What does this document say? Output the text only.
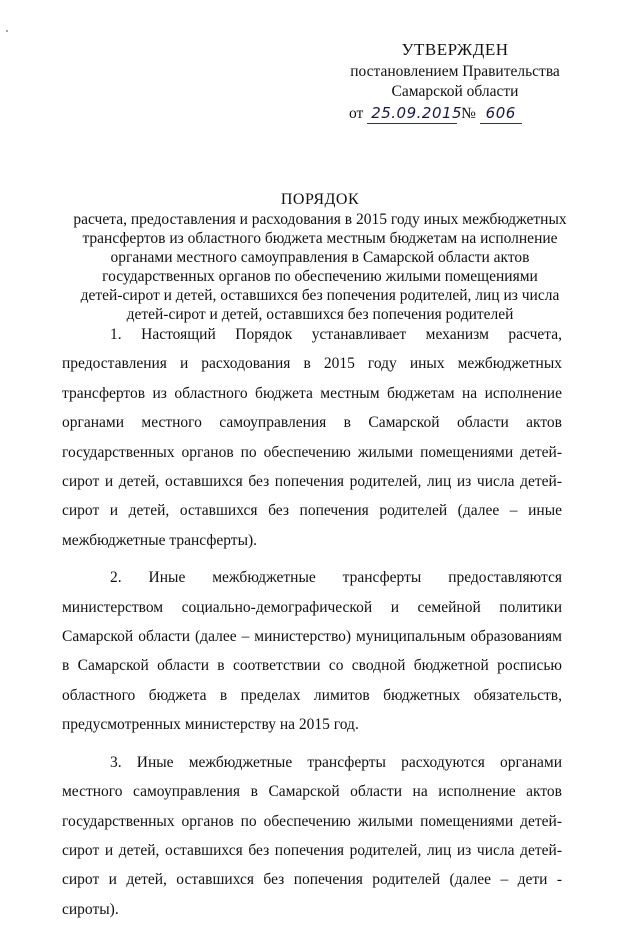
УТВЕРЖДЕН
постановлением Правительства
Самарской области
от 25.09.2015 № 606
ПОРЯДОК
расчета, предоставления и расходования в 2015 году иных межбюджетных
трансфертов из областного бюджета местным бюджетам на исполнение
органами местного самоуправления в Самарской области актов
государственных органов по обеспечению жилыми помещениями
детей-сирот и детей, оставшихся без попечения родителей, лиц из числа
детей-сирот и детей, оставшихся без попечения родителей

1. Настоящий Порядок устанавливает механизм расчета, предоставления и расходования в 2015 году иных межбюджетных трансфертов из областного бюджета местным бюджетам на исполнение органами местного самоуправления в Самарской области актов государственных органов по обеспечению жилыми помещениями детей-сирот и детей, оставшихся без попечения родителей, лиц из числа детей-сирот и детей, оставшихся без попечения родителей (далее – иные межбюджетные трансферты).

2. Иные межбюджетные трансферты предоставляются министерством социально-демографической и семейной политики Самарской области (далее – министерство) муниципальным образованиям в Самарской области в соответствии со сводной бюджетной росписью областного бюджета в пределах лимитов бюджетных обязательств, предусмотренных министерству на 2015 год.

3. Иные межбюджетные трансферты расходуются органами местного самоуправления в Самарской области на исполнение актов государственных органов по обеспечению жилыми помещениями детей-сирот и детей, оставшихся без попечения родителей, лиц из числа детей-сирот и детей, оставшихся без попечения родителей (далее – дети - сироты).
